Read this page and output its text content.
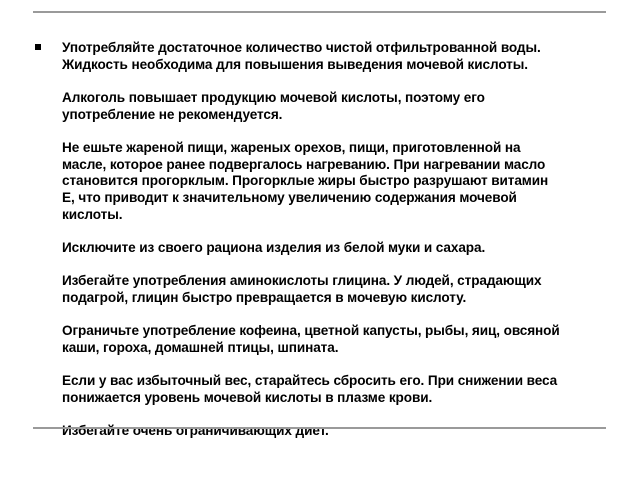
Употребляйте достаточное количество чистой отфильтрованной воды.
Жидкость необходима для повышения выведения мочевой кислоты.

Алкоголь повышает продукцию мочевой кислоты, поэтому его
употребление не рекомендуется.

Не ешьте жареной пищи, жареных орехов, пищи, приготовленной на
масле, которое ранее подвергалось нагреванию. При нагревании масло
становится прогорклым. Прогорклые жиры быстро разрушают витамин
Е, что приводит к значительному увеличению содержания мочевой
кислоты.

Исключите из своего рациона изделия из белой муки и сахара.

Избегайте употребления аминокислоты глицина. У людей, страдающих
подагрой, глицин быстро превращается в мочевую кислоту.

Ограничьте употребление кофеина, цветной капусты, рыбы, яиц, овсяной
каши, гороха, домашней птицы, шпината.

Если у вас избыточный вес, старайтесь сбросить его. При снижении веса
понижается уровень мочевой кислоты в плазме крови.

Избегайте очень ограничивающих диет.
